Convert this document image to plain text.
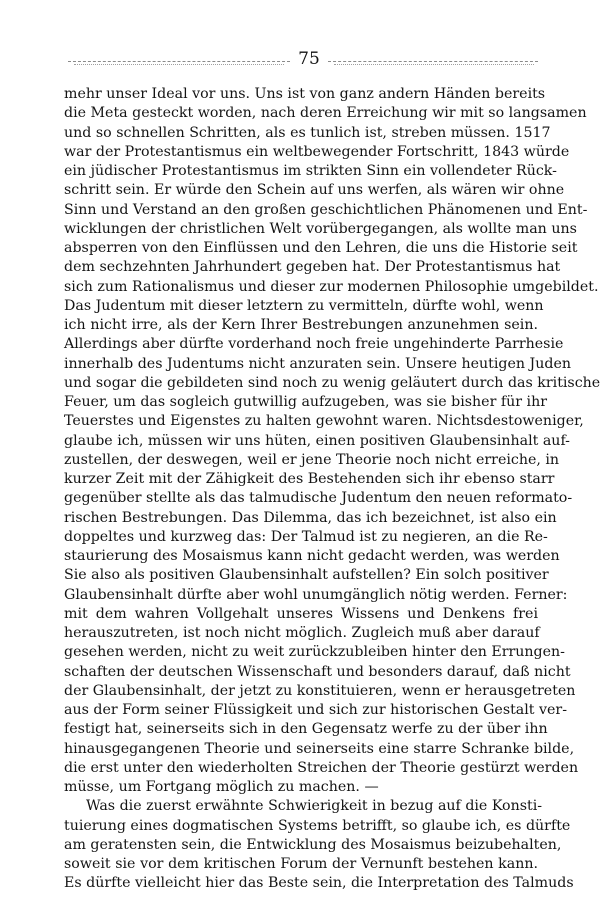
75
mehr unser Ideal vor uns. Uns ist von ganz andern Händen bereits
die Meta gesteckt worden, nach deren Erreichung wir mit so langsamen
und so schnellen Schritten, als es tunlich ist, streben müssen. 1517
war der Protestantismus ein weltbewegender Fortschritt, 1843 würde
ein jüdischer Protestantismus im strikten Sinn ein vollendeter Rück-
schritt sein. Er würde den Schein auf uns werfen, als wären wir ohne
Sinn und Verstand an den großen geschichtlichen Phänomenen und Ent-
wicklungen der christlichen Welt vorübergegangen, als wollte man uns
absperren von den Einflüssen und den Lehren, die uns die Historie seit
dem sechzehnten Jahrhundert gegeben hat. Der Protestantismus hat
sich zum Rationalismus und dieser zur modernen Philosophie umgebildet.
Das Judentum mit dieser letztern zu vermitteln, dürfte wohl, wenn
ich nicht irre, als der Kern Ihrer Bestrebungen anzunehmen sein.
Allerdings aber dürfte vorderhand noch freie ungehinderte Parrhesie
innerhalb des Judentums nicht anzuraten sein. Unsere heutigen Juden
und sogar die gebildeten sind noch zu wenig geläutert durch das kritische
Feuer, um das sogleich gutwillig aufzugeben, was sie bisher für ihr
Teuerstes und Eigenstes zu halten gewohnt waren. Nichtsdestoweniger,
glaube ich, müssen wir uns hüten, einen positiven Glaubensinhalt auf-
zustellen, der deswegen, weil er jene Theorie noch nicht erreiche, in
kurzer Zeit mit der Zähigkeit des Bestehenden sich ihr ebenso starr
gegenüber stellte als das talmudische Judentum den neuen reformato-
rischen Bestrebungen. Das Dilemma, das ich bezeichnet, ist also ein
doppeltes und kurzweg das: Der Talmud ist zu negieren, an die Re-
staurierung des Mosaismus kann nicht gedacht werden, was werden
Sie also als positiven Glaubensinhalt aufstellen? Ein solch positiver
Glaubensinhalt dürfte aber wohl unumgänglich nötig werden. Ferner:
mit dem wahren Vollgehalt unseres Wissens und Denkens frei
herauszutreten, ist noch nicht möglich. Zugleich muß aber darauf
gesehen werden, nicht zu weit zurückzubleiben hinter den Errungen-
schaften der deutschen Wissenschaft und besonders darauf, daß nicht
der Glaubensinhalt, der jetzt zu konstituieren, wenn er herausgetreten
aus der Form seiner Flüssigkeit und sich zur historischen Gestalt ver-
festigt hat, seinerseits sich in den Gegensatz werfe zu der über ihn
hinausgegangenen Theorie und seinerseits eine starre Schranke bilde,
die erst unter den wiederholten Streichen der Theorie gestürzt werden
müsse, um Fortgang möglich zu machen. —
Was die zuerst erwähnte Schwierigkeit in bezug auf die Konsti-
tuierung eines dogmatischen Systems betrifft, so glaube ich, es dürfte
am geratensten sein, die Entwicklung des Mosaismus beizubehalten,
soweit sie vor dem kritischen Forum der Vernunft bestehen kann.
Es dürfte vielleicht hier das Beste sein, die Interpretation des Talmuds
